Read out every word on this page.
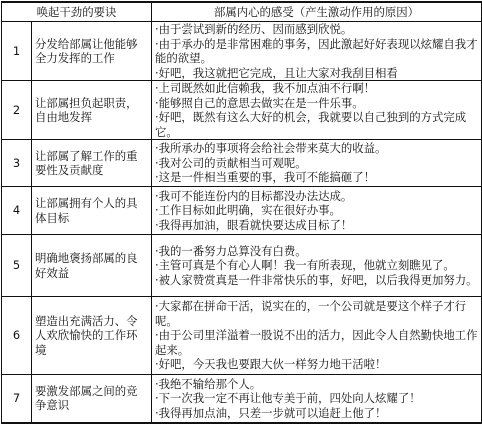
唤起干劲的要诀		部属内心的感受（产生激动作用的原因）
1	分发给部属让他能够全力发挥的工作	·由于尝试到新的经历、因而感到欣悦。
·由于承办的是非常困难的事务，因此激起好好表现以炫耀自我才能的欲望。
·好吧，我这就把它完成，且让大家对我刮目相看

2	让部属担负起职责，自由地发挥	·上司既然如此信赖我，我不加点油不行啊！
·能够照自己的意思去做实在是一件乐事。
·好吧，既然有这么大好的机会，我就要以自己独到的方式完成它。

3	让部属了解工作的重要性及贡献度	·我所承办的事项将会给社会带来莫大的收益。
·我对公司的贡献相当可观呢。
·这是一件相当重要的事，我可不能搞砸了！

4	让部属拥有个人的具体目标	·我可不能连份内的目标都没办法达成。
·工作目标如此明确，实在很好办事。
·我得再加油，眼看就快要达成目标了！

5	明确地褒扬部属的良好效益	·我的一番努力总算没有白费。
·主管可真是个有心人啊！我一有所表现，他就立刻瞧见了。
·被人家赞赏真是一件非常快乐的事，好吧，以后我得更加努力。

6	塑造出充满活力、令人欢欣愉快的工作环境	·大家都在拼命干活，说实在的，一个公司就是要这个样子才行呢。
·由于公司里洋溢着一股说不出的活力，因此令人自然勤快地工作起来。
·好吧，今天我也要跟大伙一样努力地干活啦！

7	要激发部属之间的竞争意识	·我绝不输给那个人。
·下一次我一定不再让他专美于前，四处向人炫耀了！
·我得再加点油，只差一步就可以追赶上他了！
